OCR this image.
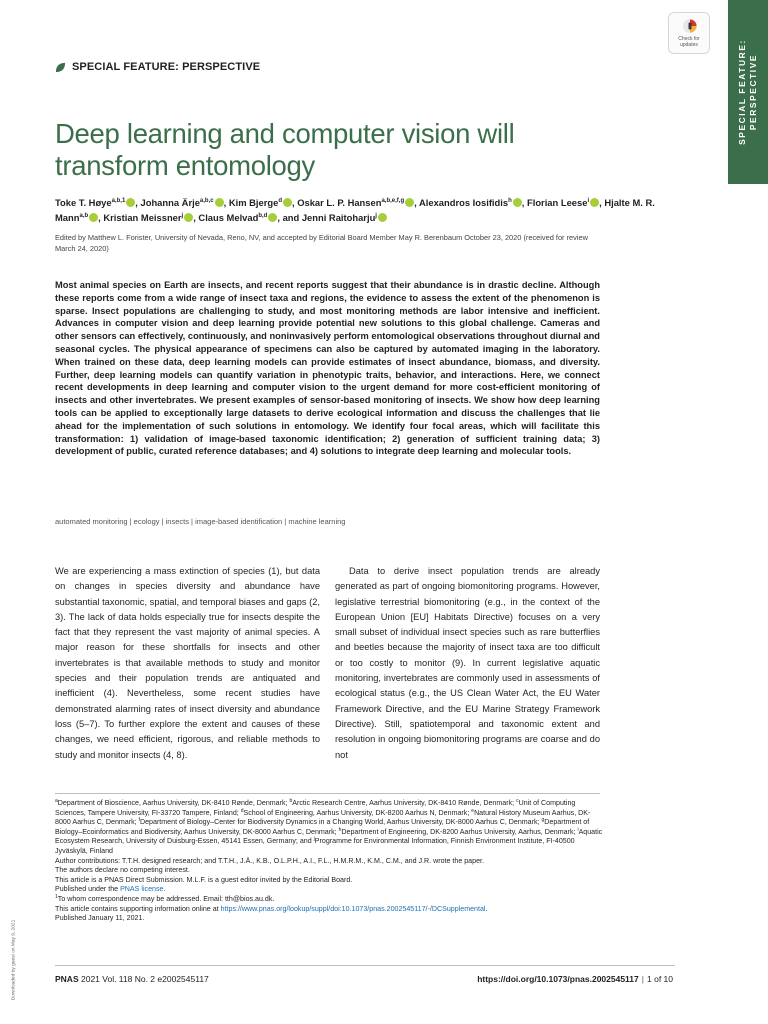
SPECIAL FEATURE:
PERSPECTIVE
Check for
updates
SPECIAL FEATURE: PERSPECTIVE
Deep learning and computer vision will
transform entomology
Toke T. Høye$^{a,b,1}$ , Johanna Ärje$^{a,b,c}$ , Kim Bjerge$^d$ , Oskar L. P. Hansen$^{a,b,e,f,g}$ , Alexandros Iosifidis$^h$ , Florian Leese$^i$ , Hjalte M. R. Mann$^{a,b}$ , Kristian Meissner$^j$ , Claus Melvad$^{b,d}$ , and Jenni Raitoharju$^j$
Edited by Matthew L. Forister, University of Nevada, Reno, NV, and accepted by Editorial Board Member May R. Berenbaum October 23, 2020 (received for review March 24, 2020)
Most animal species on Earth are insects, and recent reports suggest that their abundance is in drastic decline. Although these reports come from a wide range of insect taxa and regions, the evidence to assess the extent of the phenomenon is sparse. Insect populations are challenging to study, and most monitoring methods are labor intensive and inefficient. Advances in computer vision and deep learning provide potential new solutions to this global challenge. Cameras and other sensors can effectively, continuously, and noninvasively perform entomological observations throughout diurnal and seasonal cycles. The physical appearance of specimens can also be captured by automated imaging in the laboratory. When trained on these data, deep learning models can provide estimates of insect abundance, biomass, and diversity. Further, deep learning models can quantify variation in phenotypic traits, behavior, and interactions. Here, we connect recent developments in deep learning and computer vision to the urgent demand for more cost-efficient monitoring of insects and other invertebrates. We present examples of sensor-based monitoring of insects. We show how deep learning tools can be applied to exceptionally large datasets to derive ecological information and discuss the challenges that lie ahead for the implementation of such solutions in entomology. We identify four focal areas, which will facilitate this transformation: 1) validation of image-based taxonomic identification; 2) generation of sufficient training data; 3) development of public, curated reference databases; and 4) solutions to integrate deep learning and molecular tools.
automated monitoring | ecology | insects | image-based identification | machine learning

We are experiencing a mass extinction of species (1), but data on changes in species diversity and abundance have substantial taxonomic, spatial, and temporal biases and gaps (2, 3). The lack of data holds especially true for insects despite the fact that they represent the vast majority of animal species. A major reason for these shortfalls for insects and other invertebrates is that available methods to study and monitor species and their population trends are antiquated and inefficient (4). Nevertheless, some recent studies have demonstrated alarming rates of insect diversity and abundance loss (5–7). To further explore the extent and causes of these changes, we need efficient, rigorous, and reliable methods to study and monitor insects (4, 8).

Data to derive insect population trends are already generated as part of ongoing biomonitoring programs. However, legislative terrestrial biomonitoring (e.g., in the context of the European Union [EU] Habitats Directive) focuses on a very small subset of individual insect species such as rare butterflies and beetles because the majority of insect taxa are too difficult or too costly to monitor (9). In current legislative aquatic monitoring, invertebrates are commonly used in assessments of ecological status (e.g., the US Clean Water Act, the EU Water Framework Directive, and the EU Marine Strategy Framework Directive). Still, spatiotemporal and taxonomic extent and resolution in ongoing biomonitoring programs are coarse and do not

$^a$Department of Bioscience, Aarhus University, DK-8410 Rønde, Denmark; $^b$Arctic Research Centre, Aarhus University, DK-8410 Rønde, Denmark; $^c$Unit of Computing Sciences, Tampere University, FI-33720 Tampere, Finland; $^d$School of Engineering, Aarhus University, DK-8200 Aarhus N, Denmark; $^e$Natural History Museum Aarhus, DK-8000 Aarhus C, Denmark; $^f$Department of Biology–Center for Biodiversity Dynamics in a Changing World, Aarhus University, DK-8000 Aarhus C, Denmark; $^g$Department of Biology–Ecoinformatics and Biodiversity, Aarhus University, DK-8000 Aarhus C, Denmark; $^h$Department of Engineering, DK-8200 Aarhus University, Aarhus, Denmark; $^i$Aquatic Ecosystem Research, University of Duisburg-Essen, 45141 Essen, Germany; and $^j$Programme for Environmental Information, Finnish Environment Institute, FI-40500 Jyväskylä, Finland
Author contributions: T.T.H. designed research; and T.T.H., J.Ä., K.B., O.L.P.H., A.I., F.L., H.M.R.M., K.M., C.M., and J.R. wrote the paper.
The authors declare no competing interest.
This article is a PNAS Direct Submission. M.L.F. is a guest editor invited by the Editorial Board.
Published under the PNAS license.
$^1$To whom correspondence may be addressed. Email: tth@bios.au.dk.
This article contains supporting information online at https://www.pnas.org/lookup/suppl/doi:10.1073/pnas.2002545117/-/DCSupplemental.
Published January 11, 2021.
Downloaded by guest on May 9, 2021	PNAS 2021 Vol. 118 No. 2 e2002545117	https://doi.org/10.1073/pnas.2002545117 | 1 of 10
